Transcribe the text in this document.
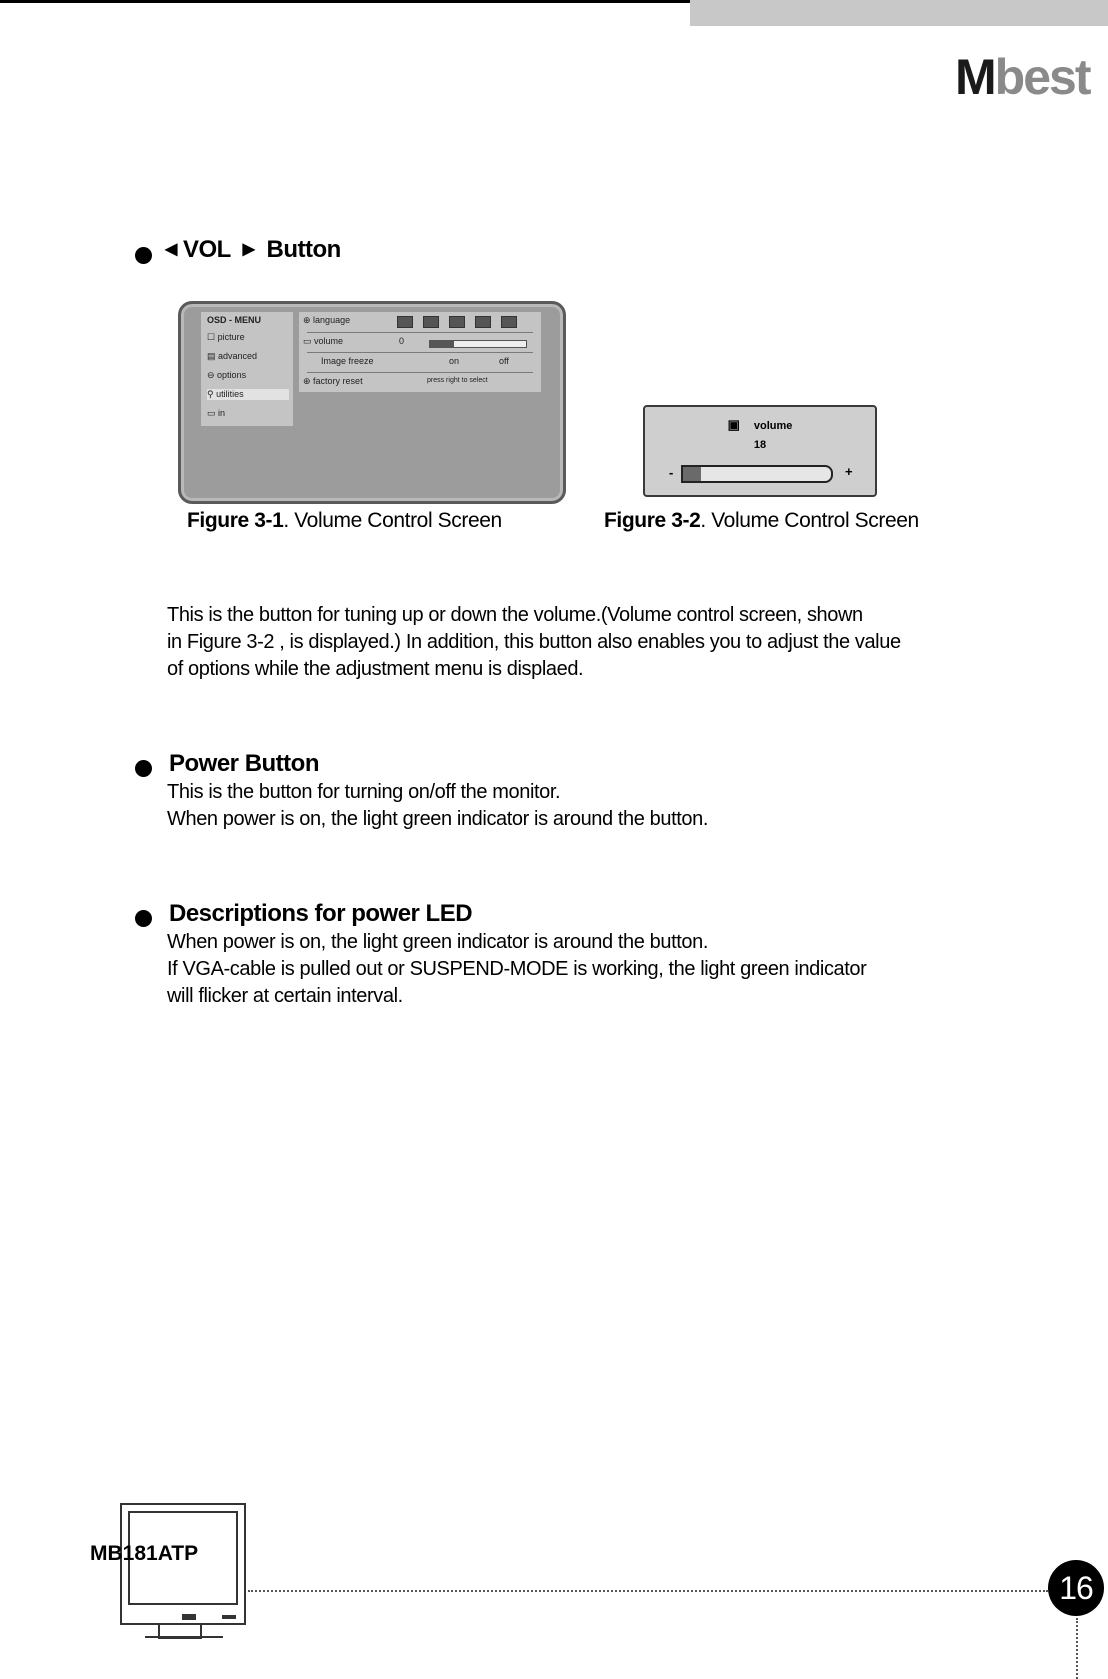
Mbest
◀ VOL ▶ Button
OSD - MENU
☐ picture
▤ advanced
⊖ options
⚲ utilities
▭ in
⊕ language
▭ volume	0
Image freeze	on	off
⊕ factory reset	press right to select
▣ volume
18
-	+
Figure 3-1. Volume Control Screen	Figure 3-2. Volume Control Screen
This is the button for tuning up or down the volume.(Volume control screen, shown
in Figure 3-2 , is displayed.) In addition, this button also enables you to adjust the value
of options while the adjustment menu is displaed.
Power Button
This is the button for turning on/off the monitor.
When power is on, the light green indicator is around the button.
Descriptions for power LED
When power is on, the light green indicator is around the button.
If VGA-cable is pulled out or SUSPEND-MODE is working, the light green indicator
will flicker at certain interval.
MB181ATP
16
